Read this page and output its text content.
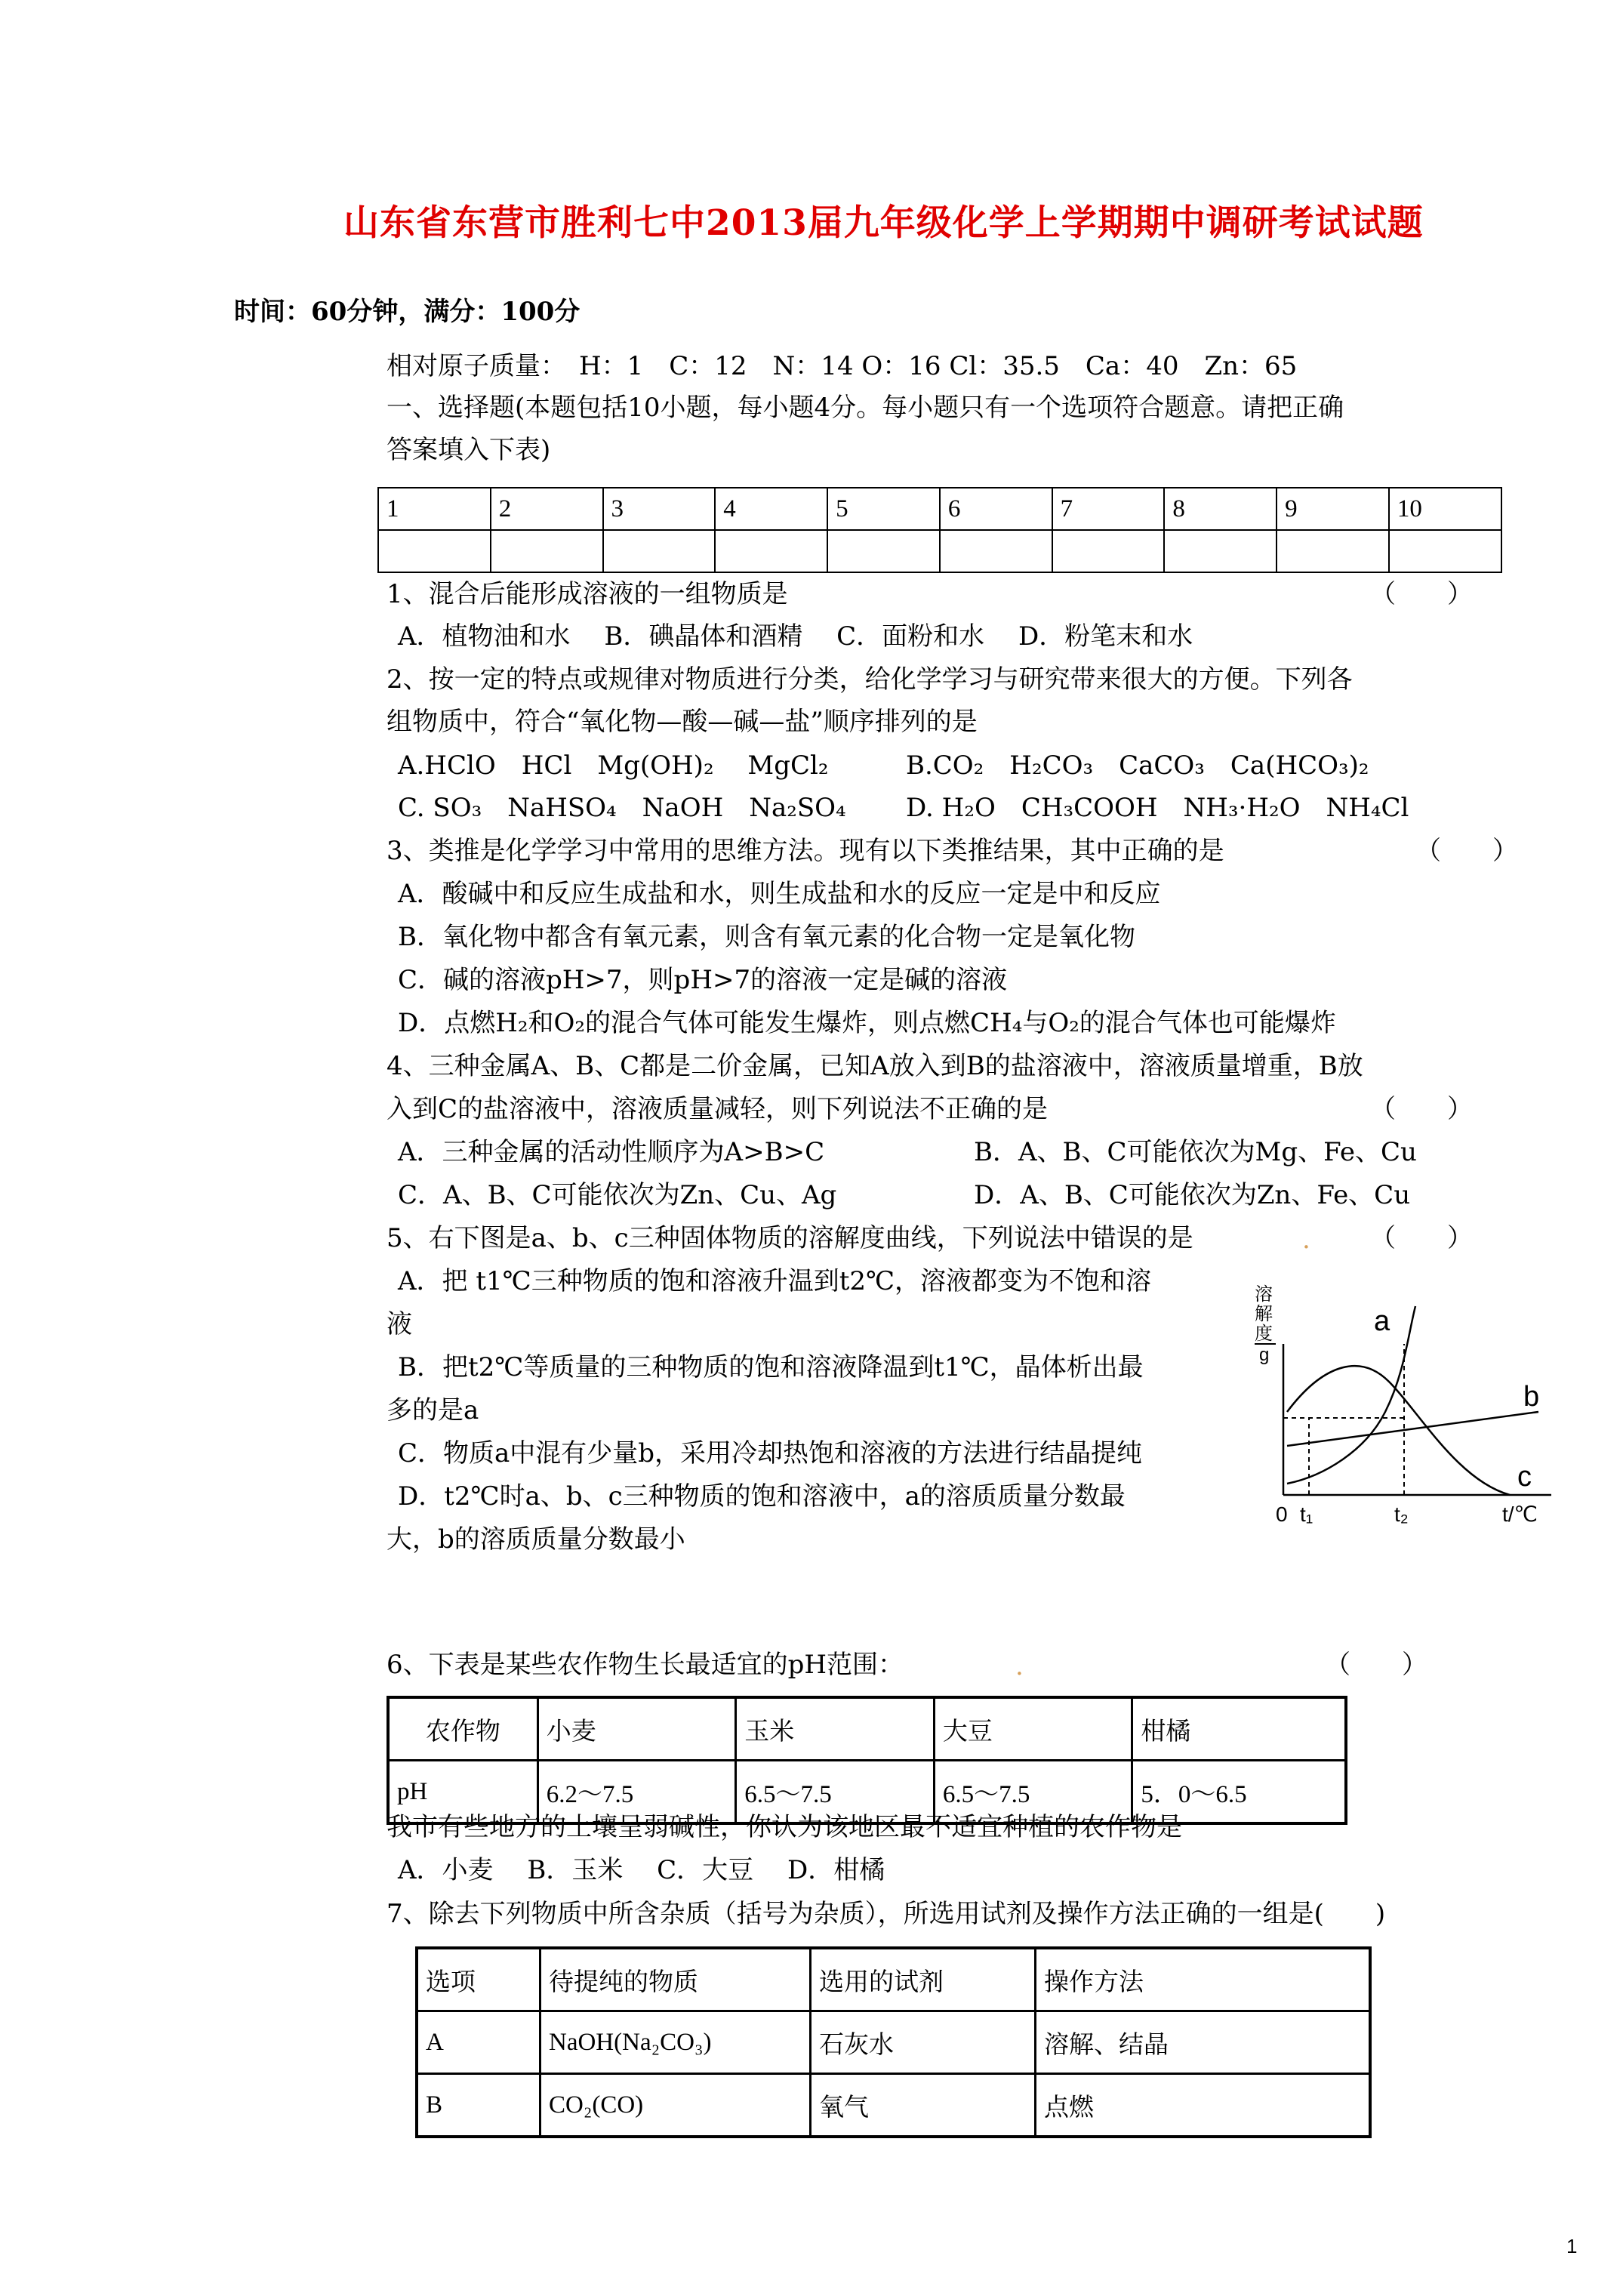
山东省东营市胜利七中2013届九年级化学上学期期中调研考试试题
时间：60分钟，满分：100分
相对原子质量：　H：1　C：12　N：14 O：16 Cl：35.5　Ca：40　Zn：65
一、选择题(本题包括10小题，每小题4分。每小题只有一个选项符合题意。请把正确
答案填入下表)
1	2	3	4	5	6	7	8	9	10

1、混合后能形成溶液的一组物质是	（　　）
A．植物油和水　 B．碘晶体和酒精　 C．面粉和水　 D．粉笔末和水
2、按一定的特点或规律对物质进行分类，给化学学习与研究带来很大的方便。下列各
组物质中，符合“氧化物—酸—碱—盐”顺序排列的是
A.HClO　HCl　Mg(OH)₂　 MgCl₂	B.CO₂　H₂CO₃　CaCO₃　Ca(HCO₃)₂
C. SO₃　NaHSO₄　NaOH　Na₂SO₄ D. H₂O　CH₃COOH　NH₃·H₂O　NH₄Cl
3、类推是化学学习中常用的思维方法。现有以下类推结果，其中正确的是	（　　）
A．酸碱中和反应生成盐和水，则生成盐和水的反应一定是中和反应
B．氧化物中都含有氧元素，则含有氧元素的化合物一定是氧化物
C．碱的溶液pH>7，则pH>7的溶液一定是碱的溶液
D．点燃H₂和O₂的混合气体可能发生爆炸，则点燃CH₄与O₂的混合气体也可能爆炸
4、三种金属A、B、C都是二价金属，已知A放入到B的盐溶液中，溶液质量增重，B放
入到C的盐溶液中，溶液质量减轻，则下列说法不正确的是	（　　）
A．三种金属的活动性顺序为A>B>C	B．A、B、C可能依次为Mg、Fe、Cu
C．A、B、C可能依次为Zn、Cu、Ag	D．A、B、C可能依次为Zn、Fe、Cu
5、右下图是a、b、c三种固体物质的溶解度曲线，下列说法中错误的是	. （　　）
A．把 t1℃三种物质的饱和溶液升温到t2℃，溶液都变为不饱和溶
液
B．把t2℃等质量的三种物质的饱和溶液降温到t1℃，晶体析出最
多的是a
C．物质a中混有少量b，采用冷却热饱和溶液的方法进行结晶提纯
D．t2℃时a、b、c三种物质的饱和溶液中，a的溶质质量分数最
大，b的溶质质量分数最小
溶
解
度
g
a
b
c
0 t₁	t₂	t/℃
6、下表是某些农作物生长最适宜的pH范围：	.	（　　）
农作物	小麦	玉米	大豆	柑橘
pH	6.2～7.5	6.5～7.5	6.5～7.5	5．0～6.5
我市有些地方的土壤呈弱碱性，你认为该地区最不适宜种植的农作物是
A．小麦　 B．玉米　 C．大豆　 D．柑橘
7、除去下列物质中所含杂质（括号为杂质），所选用试剂及操作方法正确的一组是(　　)
选项	待提纯的物质	选用的试剂	操作方法
A	NaOH(Na₂CO₃)	石灰水	溶解、结晶
B	CO₂(CO)	氧气	点燃
1
